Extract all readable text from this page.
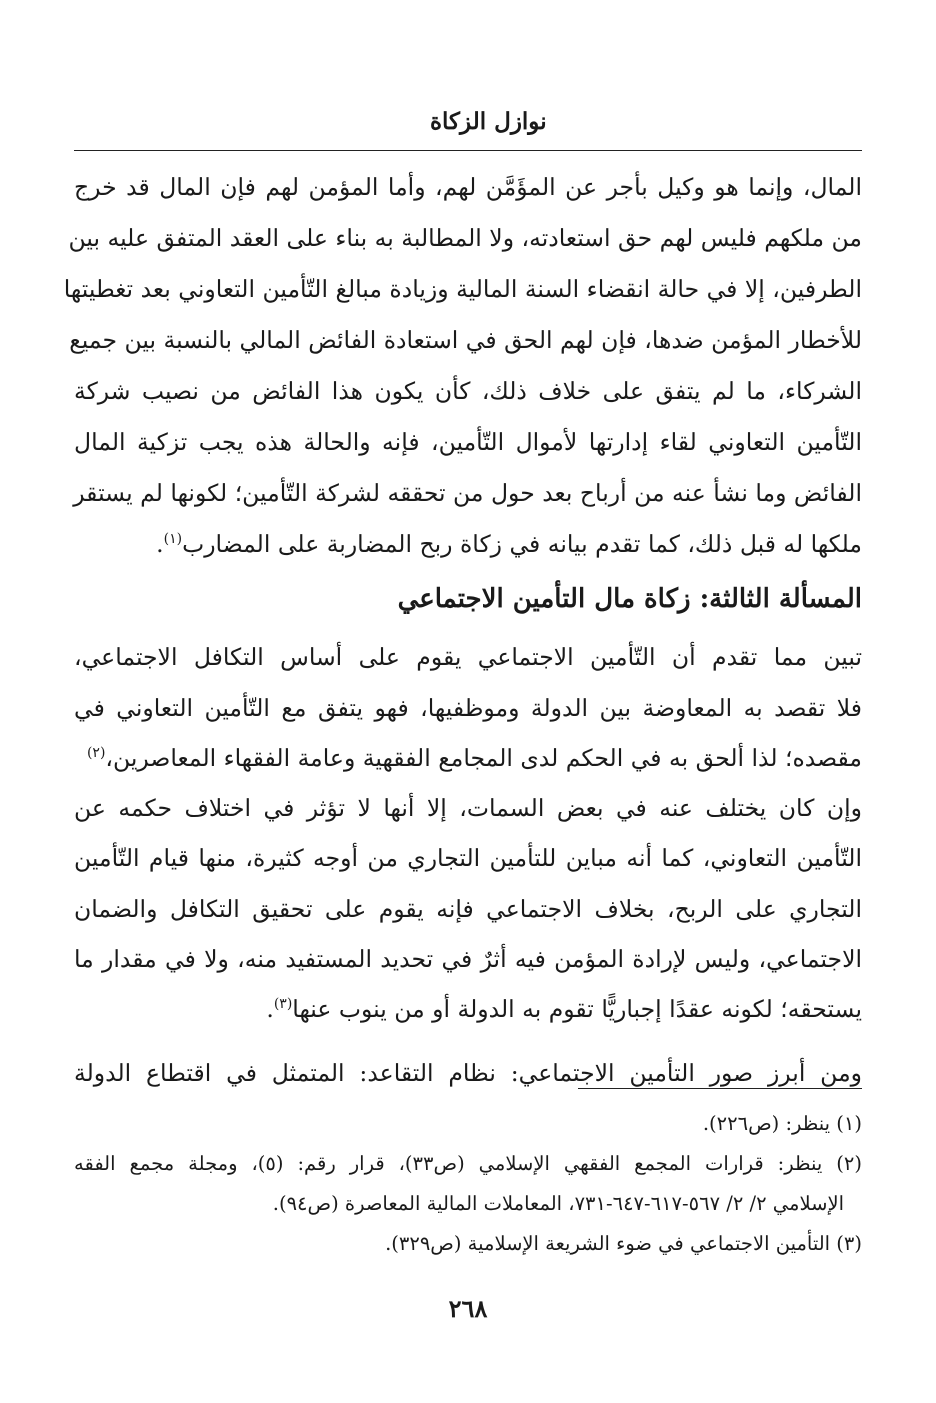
نوازل الزكاة
المال، وإنما هو وكيل بأجر عن المؤَمَّن لهم، وأما المؤمن لهم فإن المال قد خرج
من ملكهم فليس لهم حق استعادته، ولا المطالبة به بناء على العقد المتفق عليه بين
الطرفين، إلا في حالة انقضاء السنة المالية وزيادة مبالغ التّأمين التعاوني بعد تغطيتها
للأخطار المؤمن ضدها، فإن لهم الحق في استعادة الفائض المالي بالنسبة بين جميع
الشركاء، ما لم يتفق على خلاف ذلك، كأن يكون هذا الفائض من نصيب شركة
التّأمين التعاوني لقاء إدارتها لأموال التّأمين، فإنه والحالة هذه يجب تزكية المال
الفائض وما نشأ عنه من أرباح بعد حول من تحققه لشركة التّأمين؛ لكونها لم يستقر
ملكها له قبل ذلك، كما تقدم بيانه في زكاة ربح المضاربة على المضارب$^{(١)}$.
المسألة الثالثة: زكاة مال التأمين الاجتماعي
تبين مما تقدم أن التّأمين الاجتماعي يقوم على أساس التكافل الاجتماعي،
فلا تقصد به المعاوضة بين الدولة وموظفيها، فهو يتفق مع التّأمين التعاوني في
مقصده؛ لذا ألحق به في الحكم لدى المجامع الفقهية وعامة الفقهاء المعاصرين،$^{(٢)}$
وإن كان يختلف عنه في بعض السمات، إلا أنها لا تؤثر في اختلاف حكمه عن
التّأمين التعاوني، كما أنه مباين للتأمين التجاري من أوجه كثيرة، منها قيام التّأمين
التجاري على الربح، بخلاف الاجتماعي فإنه يقوم على تحقيق التكافل والضمان
الاجتماعي، وليس لإرادة المؤمن فيه أثرٌ في تحديد المستفيد منه، ولا في مقدار ما
يستحقه؛ لكونه عقدًا إجباريًّا تقوم به الدولة أو من ينوب عنها$^{(٣)}$.
ومن أبرز صور التأمين الاجتماعي: نظام التقاعد: المتمثل في اقتطاع الدولة
(١) ينظر: (ص٢٢٦).
(٢) ينظر: قرارات المجمع الفقهي الإسلامي (ص٣٣)، قرار رقم: (٥)، ومجلة مجمع الفقه
الإسلامي ٢/ ٢/ ٥٦٧-٦١٧-٦٤٧-٧٣١، المعاملات المالية المعاصرة (ص٩٤).
(٣) التأمين الاجتماعي في ضوء الشريعة الإسلامية (ص٣٢٩).
٢٦٨
